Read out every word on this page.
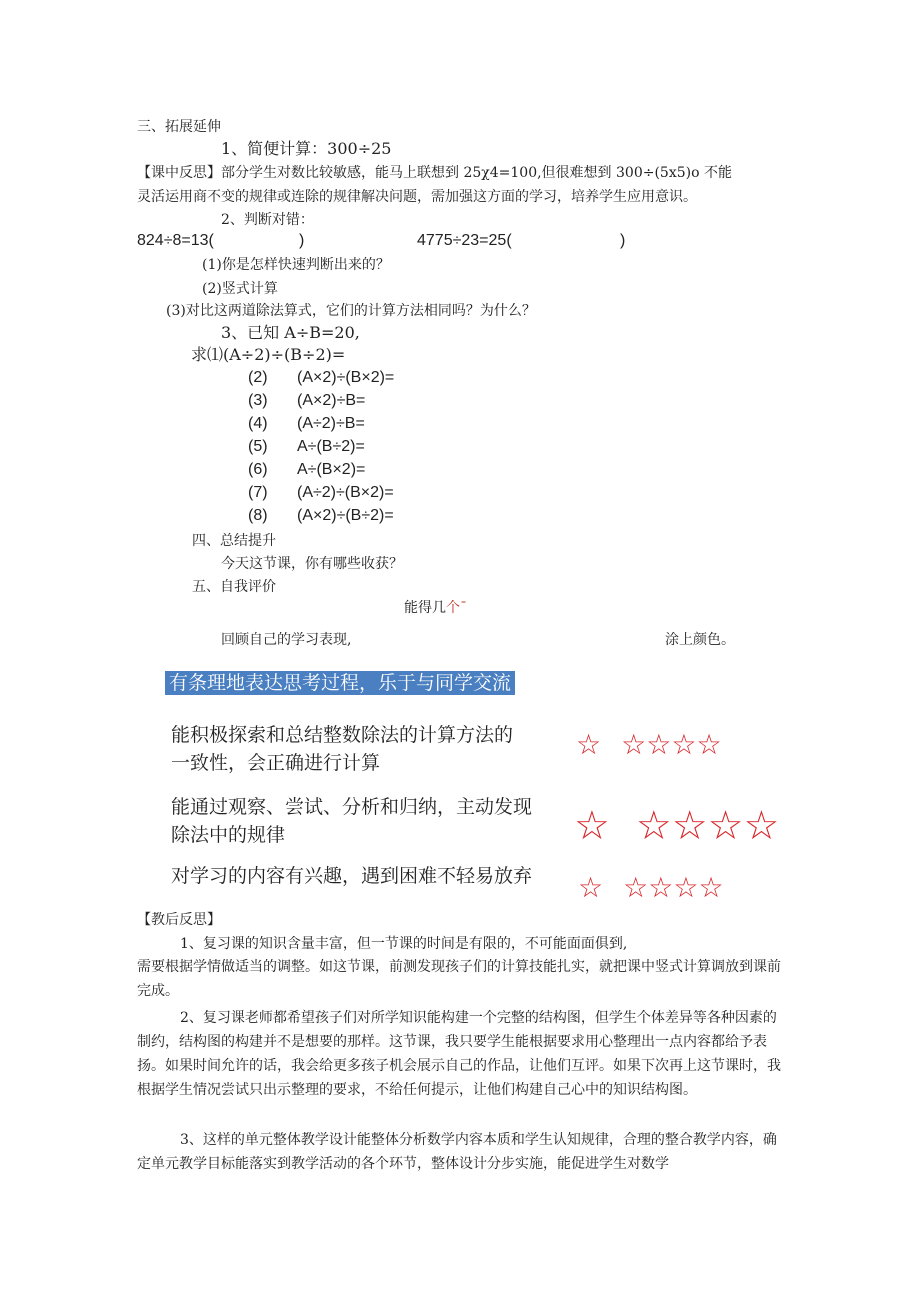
三、拓展延伸
1、简便计算：300÷25
【课中反思】部分学生对数比较敏感，能马上联想到 25χ4=100,但很难想到 300÷(5x5)o 不能
灵活运用商不变的规律或连除的规律解决问题，需加强这方面的学习，培养学生应用意识。
2、判断对错：
824÷8=13(	)	4775÷23=25(	)
(1)你是怎样快速判断出来的？
(2)竖式计算
(3)对比这两道除法算式，它们的计算方法相同吗？为什么？
3、已知 A÷B=20,
求⑴(A÷2)÷(B÷2)=
(2) (A×2)÷(B×2)=
(3) (A×2)÷B=
(4) (A÷2)÷B=
(5) A÷(B÷2)=
(6) A÷(B×2)=
(7) (A÷2)÷(B×2)=
(8) (A×2)÷(B÷2)=
四、总结提升
今天这节课，你有哪些收获？
五、自我评价
能得几个ˉ
回顾自己的学习表现,	涂上颜色。
有条理地表达思考过程，乐于与同学交流
能积极探索和总结整数除法的计算方法的
一致性，会正确进行计算
☆ ☆☆☆☆
能通过观察、尝试、分析和归纳，主动发现
除法中的规律	☆ ☆☆☆☆
对学习的内容有兴趣，遇到困难不轻易放弃 ☆ ☆☆☆☆
【教后反思】
1、复习课的知识含量丰富，但一节课的时间是有限的，不可能面面俱到,
需要根据学情做适当的调整。如这节课，前测发现孩子们的计算技能扎实，就把课中竖式计算调放到课前完成。
2、复习课老师都希望孩子们对所学知识能构建一个完整的结构图，但学生个体差异等各种因素的制约，结构图的构建并不是想要的那样。这节课，我只要学生能根据要求用心整理出一点内容都给予表扬。如果时间允许的话，我会给更多孩子机会展示自己的作品，让他们互评。如果下次再上这节课时，我根据学生情况尝试只出示整理的要求，不给任何提示，让他们构建自己心中的知识结构图。
3、这样的单元整体教学设计能整体分析数学内容本质和学生认知规律，合理的整合教学内容，确定单元教学目标能落实到教学活动的各个环节，整体设计分步实施，能促进学生对数学
